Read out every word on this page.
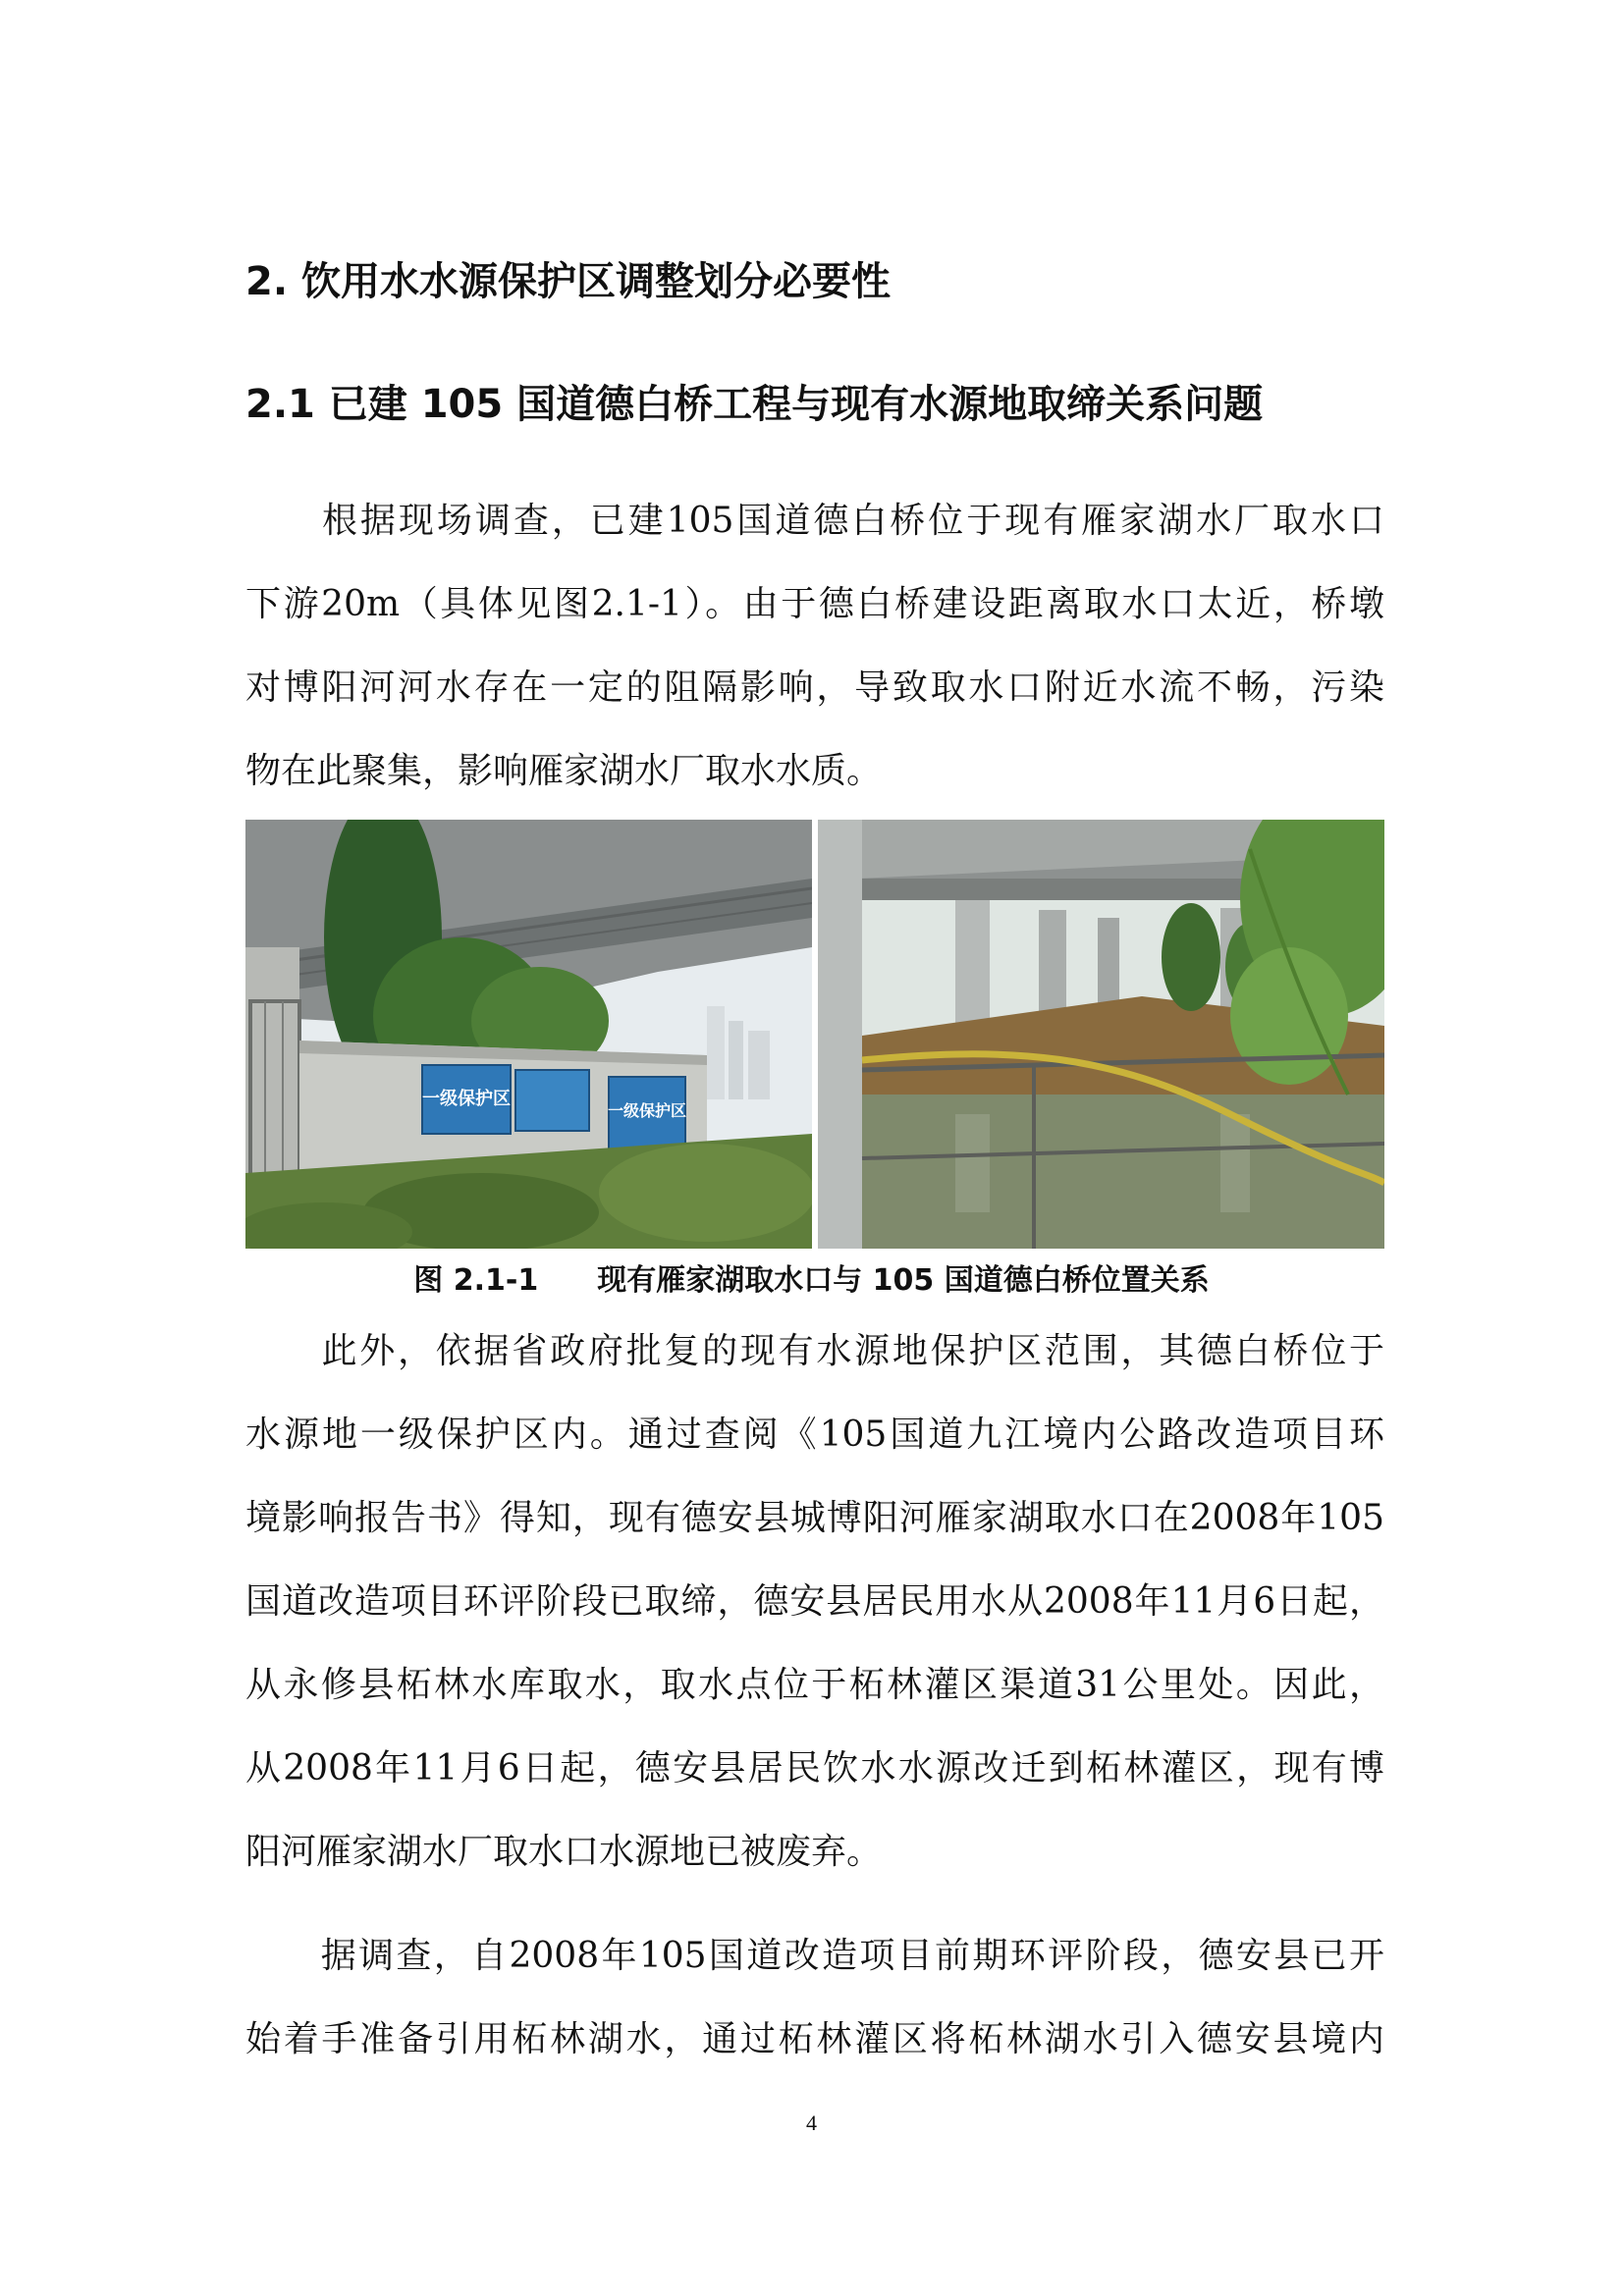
2. 饮用水水源保护区调整划分必要性
2.1 已建 105 国道德白桥工程与现有水源地取缔关系问题
　　根据现场调查，已建105国道德白桥位于现有雁家湖水厂取水口
下游20m（具体见图2.1-1）。由于德白桥建设距离取水口太近，桥墩
对博阳河河水存在一定的阻隔影响，导致取水口附近水流不畅，污染
物在此聚集，影响雁家湖水厂取水水质。
一级保护区
一级保护区
图 2.1-1　　现有雁家湖取水口与 105 国道德白桥位置关系
　　此外，依据省政府批复的现有水源地保护区范围，其德白桥位于
水源地一级保护区内。通过查阅《105国道九江境内公路改造项目环
境影响报告书》得知，现有德安县城博阳河雁家湖取水口在2008年105
国道改造项目环评阶段已取缔，德安县居民用水从2008年11月6日起，
从永修县柘林水库取水，取水点位于柘林灌区渠道31公里处。因此，
从2008年11月6日起，德安县居民饮水水源改迁到柘林灌区，现有博
阳河雁家湖水厂取水口水源地已被废弃。
　　据调查，自2008年105国道改造项目前期环评阶段，德安县已开
始着手准备引用柘林湖水，通过柘林灌区将柘林湖水引入德安县境内
4
